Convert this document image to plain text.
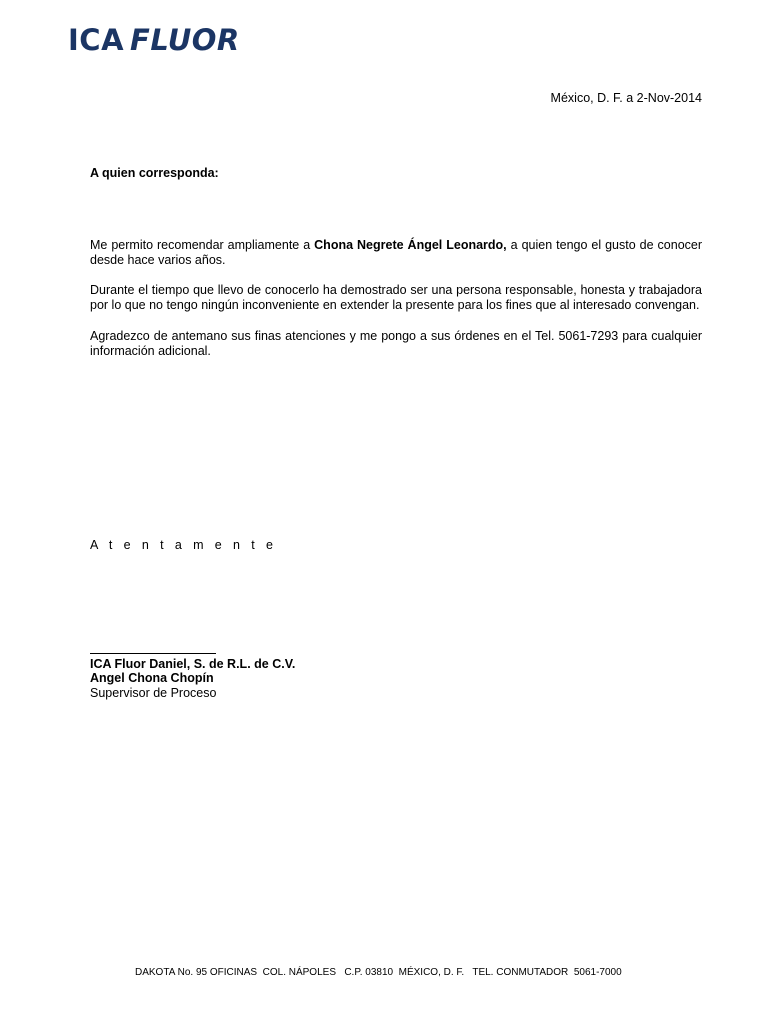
ICA FLUOR
México, D. F. a 2-Nov-2014
A quien corresponda:
Me permito recomendar ampliamente a Chona Negrete Ángel Leonardo, a quien tengo el gusto de conocer desde hace varios años.
Durante el tiempo que llevo de conocerlo ha demostrado ser una persona responsable, honesta y trabajadora por lo que no tengo ningún inconveniente en extender la presente para los fines que al interesado convengan.
Agradezco de antemano sus finas atenciones y me pongo a sus órdenes en el Tel. 5061-7293 para cualquier información adicional.
A t e n t a m e n t e
ICA Fluor Daniel, S. de R.L. de C.V.
Angel Chona Chopín
Supervisor de Proceso
DAKOTA No. 95 OFICINAS  COL. NÁPOLES   C.P. 03810  MÉXICO, D. F.   TEL. CONMUTADOR  5061-7000
